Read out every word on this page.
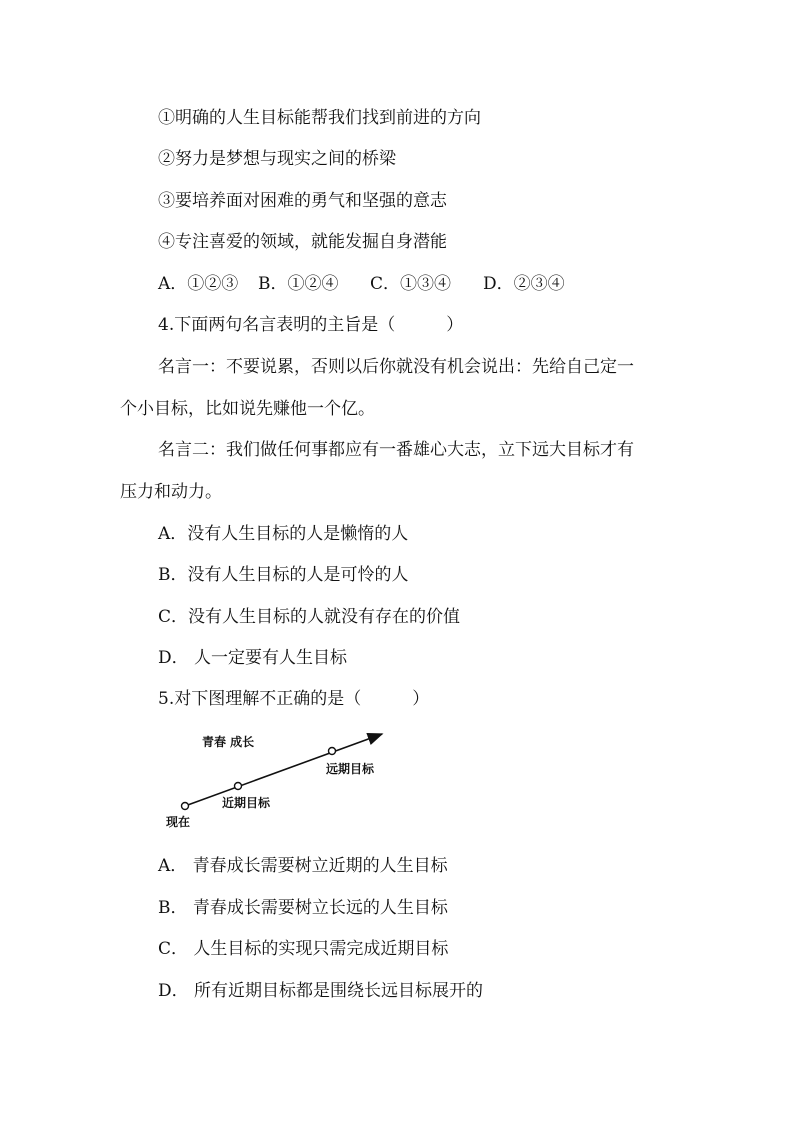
①明确的人生目标能帮我们找到前进的方向
②努力是梦想与现实之间的桥梁
③要培养面对困难的勇气和坚强的意志
④专注喜爱的领域，就能发掘自身潜能
A．①②③ B．①②④ C．①③④ D．②③④
4.下面两句名言表明的主旨是（　　　）
名言一：不要说累，否则以后你就没有机会说出：先给自己定一
个小目标，比如说先赚他一个亿。
名言二：我们做任何事都应有一番雄心大志，立下远大目标才有
压力和动力。
A．没有人生目标的人是懒惰的人
B．没有人生目标的人是可怜的人
C．没有人生目标的人就没有存在的价值
D． 人一定要有人生目标
5.对下图理解不正确的是（　　　）
青春 成长
现在
近期目标
远期目标
A． 青春成长需要树立近期的人生目标
B． 青春成长需要树立长远的人生目标
C． 人生目标的实现只需完成近期目标
D． 所有近期目标都是围绕长远目标展开的
